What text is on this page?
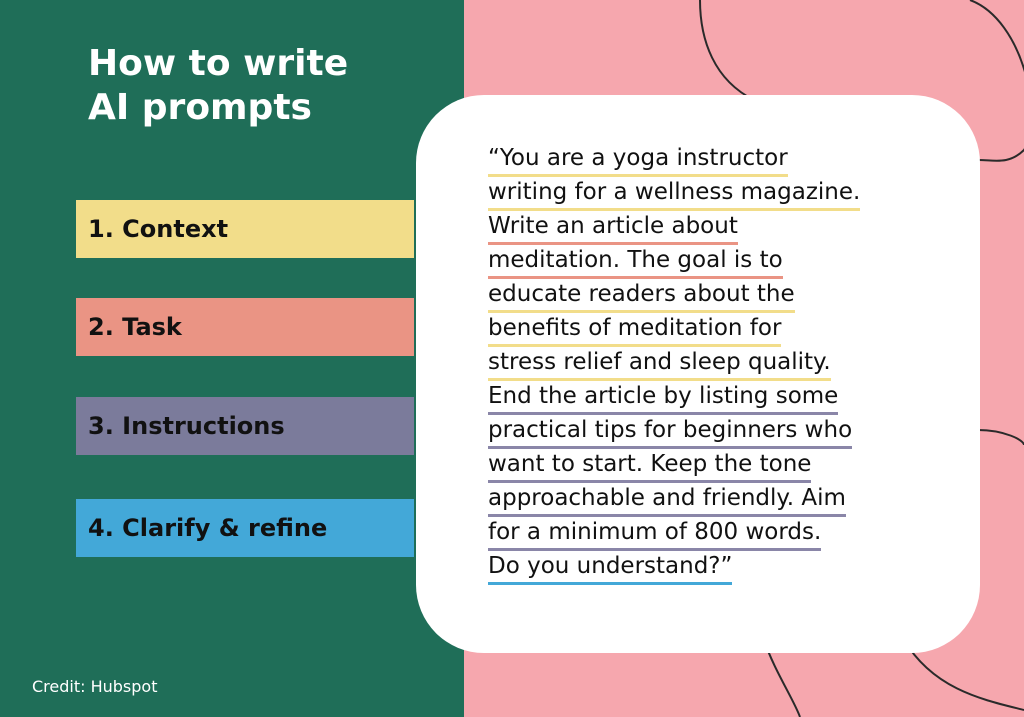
How to write
AI prompts
1. Context
2. Task
3. Instructions
4. Clarify & refine
Credit: Hubspot
“You are a yoga instructor
writing for a wellness magazine.
Write an article about
meditation. The goal is to
educate readers about the
benefits of meditation for
stress relief and sleep quality.
End the article by listing some
practical tips for beginners who
want to start. Keep the tone
approachable and friendly. Aim
for a minimum of 800 words.
Do you understand?”
